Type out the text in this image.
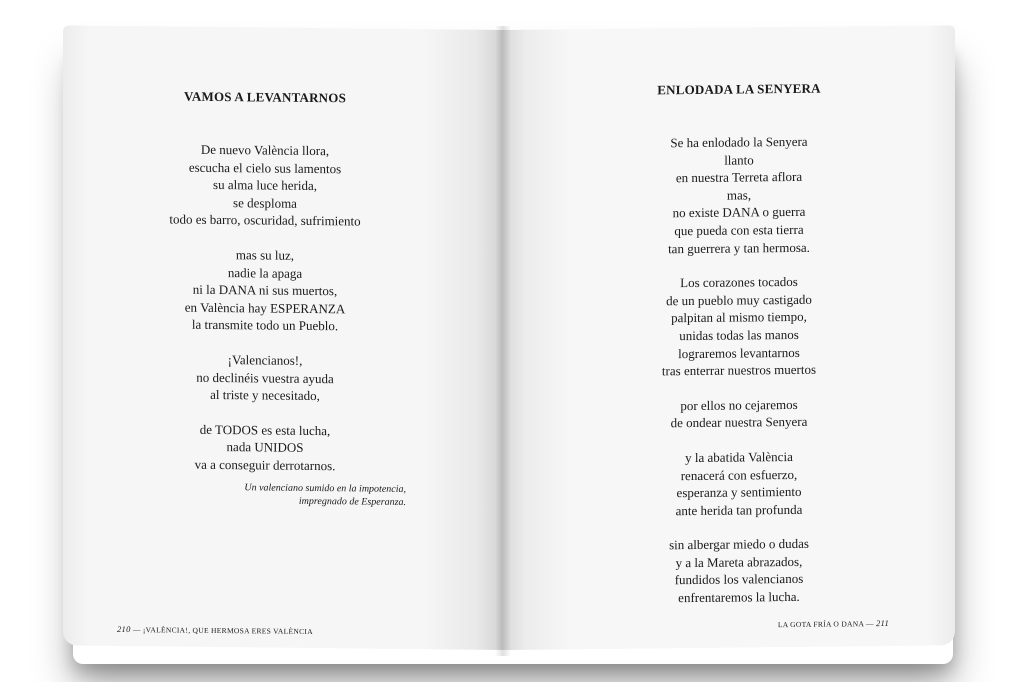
VAMOS A LEVANTARNOS
De nuevo València llora,
escucha el cielo sus lamentos
su alma luce herida,
se desploma
todo es barro, oscuridad, sufrimiento
mas su luz,
nadie la apaga
ni la DANA ni sus muertos,
en València hay ESPERANZA
la transmite todo un Pueblo.
¡Valencianos!,
no declinéis vuestra ayuda
al triste y necesitado,
de TODOS es esta lucha,
nada UNIDOS
va a conseguir derrotarnos.
Un valenciano sumido en la impotencia,
impregnado de Esperanza.
210 — ¡VALÈNCIA!, QUE HERMOSA ERES VALÈNCIA
ENLODADA LA SENYERA
Se ha enlodado la Senyera
llanto
en nuestra Terreta aflora
mas,
no existe DANA o guerra
que pueda con esta tierra
tan guerrera y tan hermosa.
Los corazones tocados
de un pueblo muy castigado
palpitan al mismo tiempo,
unidas todas las manos
lograremos levantarnos
tras enterrar nuestros muertos
por ellos no cejaremos
de ondear nuestra Senyera
y la abatida València
renacerá con esfuerzo,
esperanza y sentimiento
ante herida tan profunda
sin albergar miedo o dudas
y a la Mareta abrazados,
fundidos los valencianos
enfrentaremos la lucha.
LA GOTA FRÍA O DANA — 211
